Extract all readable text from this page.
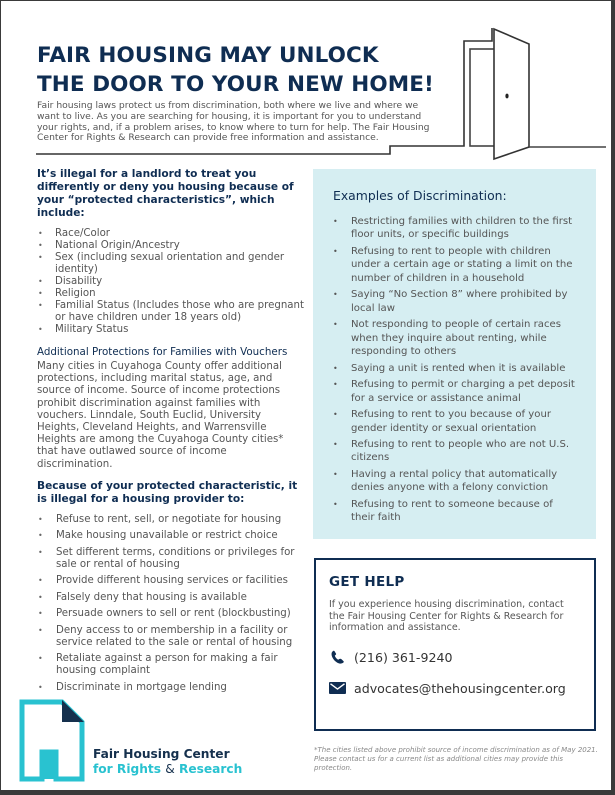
FAIR HOUSING MAY UNLOCK
THE DOOR TO YOUR NEW HOME!

Fair housing laws protect us from discrimination, both where we live and where we want to live. As you are searching for housing, it is important for you to understand your rights, and, if a problem arises, to know where to turn for help. The Fair Housing Center for Rights & Research can provide free information and assistance.

It’s illegal for a landlord to treat you differently or deny you housing because of your “protected characteristics”, which include:
• Race/Color
• National Origin/Ancestry
• Sex (including sexual orientation and gender identity)
• Disability
• Religion
• Familial Status (Includes those who are pregnant or have children under 18 years old)
• Military Status
Additional Protections for Families with Vouchers

Many cities in Cuyahoga County offer additional protections, including marital status, age, and source of income. Source of income protections prohibit discrimination against families with vouchers. Linndale, South Euclid, University Heights, Cleveland Heights, and Warrensville Heights are among the Cuyahoga County cities* that have outlawed source of income discrimination.

Because of your protected characteristic, it is illegal for a housing provider to:
• Refuse to rent, sell, or negotiate for housing
• Make housing unavailable or restrict choice
• Set different terms, conditions or privileges for sale or rental of housing
• Provide different housing services or facilities
• Falsely deny that housing is available
• Persuade owners to sell or rent (blockbusting)
• Deny access to or membership in a facility or service related to the sale or rental of housing
• Retaliate against a person for making a fair housing complaint
• Discriminate in mortgage lending
Examples of Discrimination:
• Restricting families with children to the first floor units, or specific buildings
• Refusing to rent to people with children under a certain age or stating a limit on the number of children in a household
• Saying “No Section 8” where prohibited by local law
• Not responding to people of certain races when they inquire about renting, while responding to others
• Saying a unit is rented when it is available
• Refusing to permit or charging a pet deposit for a service or assistance animal
• Refusing to rent to you because of your gender identity or sexual orientation
• Refusing to rent to people who are not U.S. citizens
• Having a rental policy that automatically denies anyone with a felony conviction
• Refusing to rent to someone because of their faith
GET HELP

If you experience housing discrimination, contact the Fair Housing Center for Rights & Research for information and assistance.

(216) 361-9240
advocates@thehousingcenter.org

*The cities listed above prohibit source of income discrimination as of May 2021. Please contact us for a current list as additional cities may provide this protection.

Fair Housing Center
for Rights & Research
